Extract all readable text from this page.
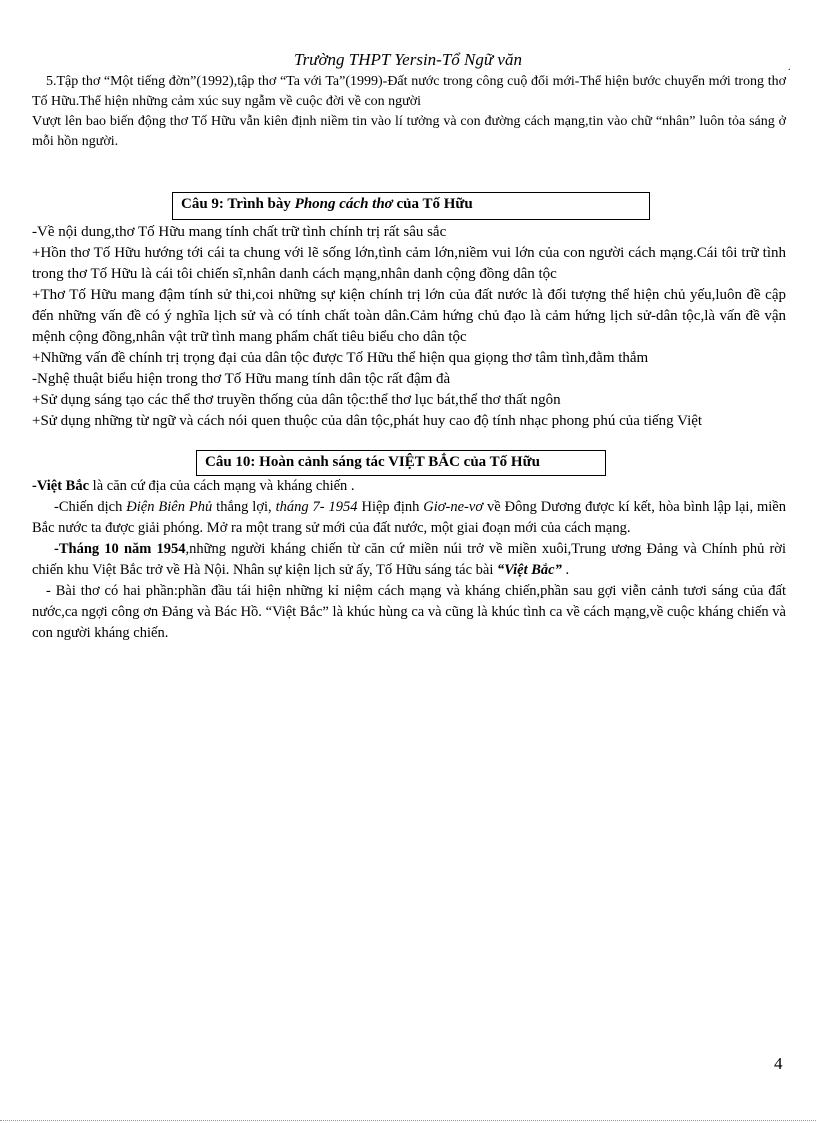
Trường THPT Yersin-Tổ Ngữ văn	.
5.Tập thơ “Một tiếng đờn”(1992),tập thơ “Ta với Ta”(1999)-Đất nước trong công cuộ đổi mới-Thể hiện bước chuyển mới trong thơ Tố Hữu.Thể hiện những cảm xúc suy ngẫm về cuộc đời về con người
Vượt lên bao biến động thơ Tố Hữu vẫn kiên định niềm tin vào lí tưởng và con đường cách mạng,tin vào chữ “nhân” luôn tỏa sáng ở mỗi hồn người.
Câu 9: Trình bày Phong cách thơ của Tố Hữu
-Về nội dung,thơ Tố Hữu mang tính chất trữ tình chính trị rất sâu sắc
+Hồn thơ Tố Hữu hướng tới cái ta chung với lẽ sống lớn,tình cảm lớn,niềm vui lớn của con người cách mạng.Cái tôi trữ tình trong thơ Tố Hữu là cái tôi chiến sĩ,nhân danh cách mạng,nhân danh cộng đồng dân tộc
+Thơ Tố Hữu mang đậm tính sử thi,coi những sự kiện chính trị lớn của đất nước là đối tượng thể hiện chủ yếu,luôn đề cập đến những vấn đề có ý nghĩa lịch sử và có tính chất toàn dân.Cảm hứng chủ đạo là cảm hứng lịch sử-dân tộc,là vấn đề vận mệnh cộng đồng,nhân vật trữ tình mang phẩm chất tiêu biểu cho dân tộc
+Những vấn đề chính trị trọng đại của dân tộc được Tố Hữu thể hiện qua giọng thơ tâm tình,đằm thắm
-Nghệ thuật biểu hiện trong thơ Tố Hữu mang tính dân tộc rất đậm đà
+Sử dụng sáng tạo các thể thơ truyền thống của dân tộc:thể thơ lục bát,thể thơ thất ngôn
+Sử dụng những từ ngữ và cách nói quen thuộc của dân tộc,phát huy cao độ tính nhạc phong phú của tiếng Việt
Câu 10: Hoàn cảnh sáng tác VIỆT BẮC của Tố Hữu
-Việt Bắc là căn cứ địa của cách mạng và kháng chiến .
-Chiến dịch Điện Biên Phủ thắng lợi, tháng 7- 1954 Hiệp định Giơ-ne-vơ về Đông Dương được kí kết, hòa bình lập lại, miền Bắc nước ta được giải phóng. Mở ra một trang sử mới của đất nước, một giai đoạn mới của cách mạng.
-Tháng 10 năm 1954,những người kháng chiến từ căn cứ miền núi trở về miền xuôi,Trung ương Đảng và Chính phủ rời chiến khu Việt Bắc trở về Hà Nội. Nhân sự kiện lịch sử ấy, Tố Hữu sáng tác bài “Việt Bắc” .
- Bài thơ có hai phần:phần đầu tái hiện những kỉ niệm cách mạng và kháng chiến,phần sau gợi viễn cảnh tươi sáng của đất nước,ca ngợi công ơn Đảng và Bác Hồ. “Việt Bắc” là khúc hùng ca và cũng là khúc tình ca về cách mạng,về cuộc kháng chiến và con người kháng chiến.
4
